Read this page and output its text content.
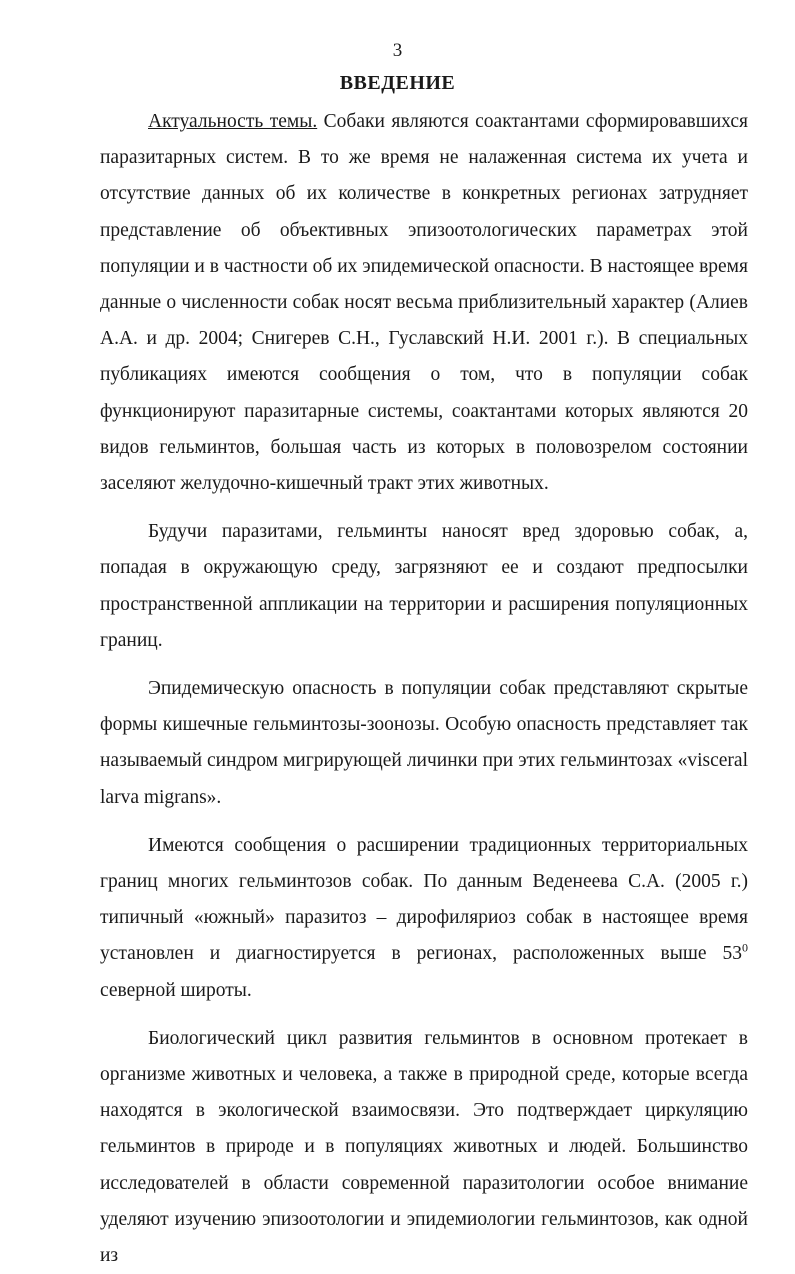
3
ВВЕДЕНИЕ

Актуальность темы. Собаки являются соактантами сформировавшихся паразитарных систем. В то же время не налаженная система их учета и отсутствие данных об их количестве в конкретных регионах затрудняет представление об объективных эпизоотологических параметрах этой популяции и в частности об их эпидемической опасности. В настоящее время данные о численности собак носят весьма приблизительный характер (Алиев А.А. и др. 2004; Снигерев С.Н., Гуславский Н.И. 2001 г.). В специальных публикациях имеются сообщения о том, что в популяции собак функционируют паразитарные системы, соактантами которых являются 20 видов гельминтов, большая часть из которых в половозрелом состоянии заселяют желудочно-кишечный тракт этих животных.

Будучи паразитами, гельминты наносят вред здоровью собак, а, попадая в окружающую среду, загрязняют ее и создают предпосылки пространственной аппликации на территории и расширения популяционных границ.

Эпидемическую опасность в популяции собак представляют скрытые формы кишечные гельминтозы-зоонозы. Особую опасность представляет так называемый синдром мигрирующей личинки при этих гельминтозах «visceral larva migrans».

Имеются сообщения о расширении традиционных территориальных границ многих гельминтозов собак. По данным Веденеева С.А. (2005 г.) типичный «южный» паразитоз – дирофиляриоз собак в настоящее время установлен и диагностируется в регионах, расположенных выше $53^0$ северной широты.

Биологический цикл развития гельминтов в основном протекает в организме животных и человека, а также в природной среде, которые всегда находятся в экологической взаимосвязи. Это подтверждает циркуляцию гельминтов в природе и в популяциях животных и людей. Большинство исследователей в области современной паразитологии особое внимание уделяют изучению эпизоотологии и эпидемиологии гельминтозов, как одной из
